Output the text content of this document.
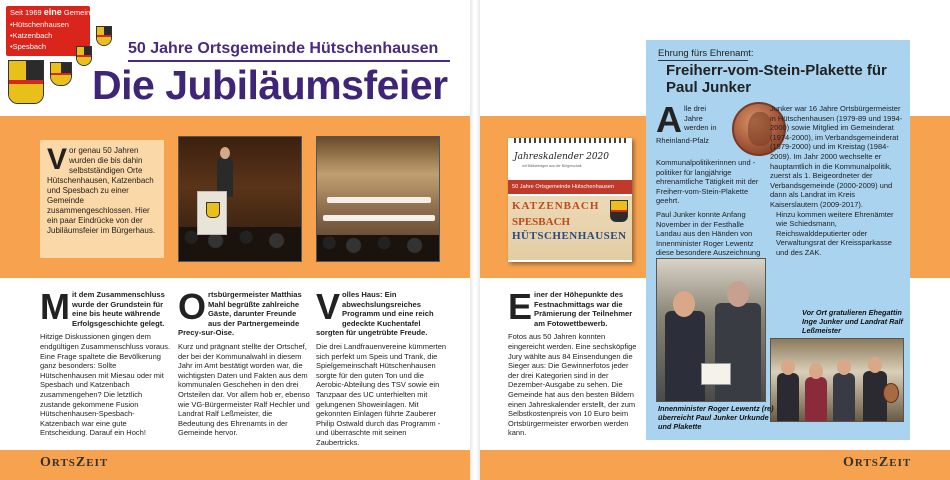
Seit 1969 eine Gemeinde
•Hütschenhausen
•Katzenbach
•Spesbach	50 Jahre Ortsgemeinde Hütschenhausen
Die Jubiläumsfeier
Vor genau 50 Jahren wurden die bis dahin selbstständigen Orte Hütschenhausen, Katzenbach und Spesbach zu einer Gemeinde zusammengeschlossen. Hier ein paar Eindrücke von der Jubiläumsfeier im Bürgerhaus.

Mit dem Zusammenschluss wurde der Grundstein für eine bis heute währende Erfolgsgeschichte gelegt.

Hitzige Diskussionen gingen dem endgültigen Zusammenschluss voraus. Eine Frage spaltete die Bevölkerung ganz besonders: Sollte Hütschenhausen mit Miesau oder mit Spesbach und Katzenbach zusammengehen? Die letztlich zustande gekommene Fusion Hütschenhausen-Spesbach-Katzenbach war eine gute Entscheidung. Darauf ein Hoch!

Ortsbürgermeister Matthias Mahl begrüßte zahlreiche Gäste, darunter Freunde aus der Partnergemeinde Precy-sur-Oise.

Kurz und prägnant stellte der Ortschef, der bei der Kommunalwahl in diesem Jahr im Amt bestätigt worden war, die wichtigsten Daten und Fakten aus dem kommunalen Geschehen in den drei Ortsteilen dar. Vor allem hob er, ebenso wie VG-Bürgermeister Ralf Hechler und Landrat Ralf Leßmeister, die Bedeutung des Ehrenamts in der Gemeinde hervor.

Volles Haus: Ein abwechslungsreiches Programm und eine reich gedeckte Kuchentafel sorgten für ungetrübte Freude.

Die drei Landfrauenvereine kümmerten sich perfekt um Speis und Trank, die Spielgemeinschaft Hütschenhausen sorgte für den guten Ton und die Aerobic-Abteilung des TSV sowie ein Tanzpaar des UC unterhielten mit gelungenen Showeinlagen. Mit gekonnten Einlagen führte Zauberer Philip Ostwald durch das Programm - und überraschte mit seinen Zaubertricks.

ORTSZEIT
Jahreskalender 2020
mit Bildbeiträgen aus der Bürgerschaft
50 Jahre Ortsgemeinde Hütschenhausen
KATZENBACH
SPESBACH
HÜTSCHENHAUSEN

Einer der Höhepunkte des Festnachmittags war die Prämierung der Teilnehmer am Fotowettbewerb.

Fotos aus 50 Jahren konnten eingereicht werden. Eine sechsköpfige Jury wählte aus 84 Einsendungen die Sieger aus: Die Gewinnerfotos jeder der drei Kategorien sind in der Dezember-Ausgabe zu sehen. Die Gemeinde hat aus den besten Bildern einen Jahreskalender erstellt, der zum Selbstkostenpreis von 10 Euro beim Ortsbürgermeister erworben werden kann.

Ehrung fürs Ehrenamt:
Freiherr-vom-Stein-Plakette für Paul Junker

Alle drei Jahre werden in Rheinland-Pfalz Kommunalpolitikerinnen und -politiker für langjährige ehrenamtliche Tätigkeit mit der Freiherr-vom-Stein-Plakette geehrt.

Paul Junker konnte Anfang November in der Festhalle Landau aus den Händen von Innenminister Roger Lewentz diese besondere Auszeichnung

Junker war 16 Jahre Ortsbürgermeister in Hütschenhausen (1979-89 und 1994-2000) sowie Mitglied im Gemeinderat (1974-2000), im Verbandsgemeinderat (1979-2000) und im Kreistag (1984-2009). Im Jahr 2000 wechselte er hauptamtlich in die Kommunalpolitik, zuerst als 1. Beigeordneter der Verbandsgemeinde (2000-2009) und dann als Landrat im Kreis Kaiserslautern (2009-2017).

Hinzu kommen weitere Ehrenämter wie Schiedsmann, Reichswalddeputierter oder Verwaltungsrat der Kreissparkasse und des ZAK.

Vor Ort gratulieren Ehegattin Inge Junker und Landrat Ralf Leßmeister
Innenminister Roger Lewentz (re) überreicht Paul Junker Urkunde und Plakette
ORTSZEIT
